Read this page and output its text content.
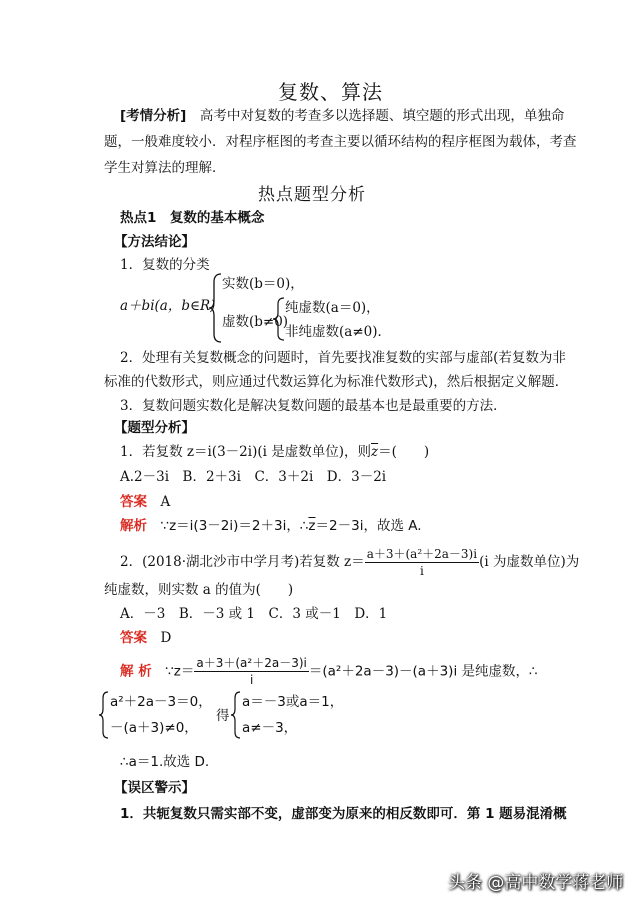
复数、算法
[考情分析]　 高考中对复数的考查多以选择题、填空题的形式出现，单独命
题，一般难度较小．对程序框图的考查主要以循环结构的程序框图为载体，考查
学生对算法的理解．
热点题型分析
热点1　复数的基本概念
【方法结论】
1．复数的分类
a＋bi(a，b∈R)
实数(b＝0)，
虚数(b≠0)
纯虚数(a＝0)，
非纯虚数(a≠0)．
2．处理有关复数概念的问题时，首先要找准复数的实部与虚部(若复数为非
标准的代数形式，则应通过代数运算化为标准代数形式)，然后根据定义解题．
3．复数问题实数化是解决复数问题的最基本也是最重要的方法．
【题型分析】
1．若复数 z＝i(3－2i)(i 是虚数单位)，则$\overline{z}=$(　　)
A.2－3i　B．2＋3i　C．3＋2i　D．3－2i
答案　 A
解析　 ∵z＝i(3－2i)＝2＋3i，$\therefore\overline{z}=2-3i$，故选 A.
2．(2018·湖北沙市中学月考)若复数 $z= \frac{\text{a＋3＋(a²＋2a－3)i}}{i} (i$ 为虚数单位)为
纯虚数，则实数 a 的值为(　　)
A．－3　B．－3 或 1　C．3 或－1　D．1
答案　 D
解 析　 ∵z＝ $\frac{\text{a＋3＋(a²＋2a－3)i}}{i} =(a^2+2a-3)-(a+3)i$ 是纯虚数，∴
a²＋2a－3＝0，
－(a＋3)≠0，
得
a＝－3或a＝1，
a≠－3，
∴a＝1.故选 D.
【误区警示】
1．共轭复数只需实部不变，虚部变为原来的相反数即可．第 1 题易混淆概
头条 @高中数学蒋老师
